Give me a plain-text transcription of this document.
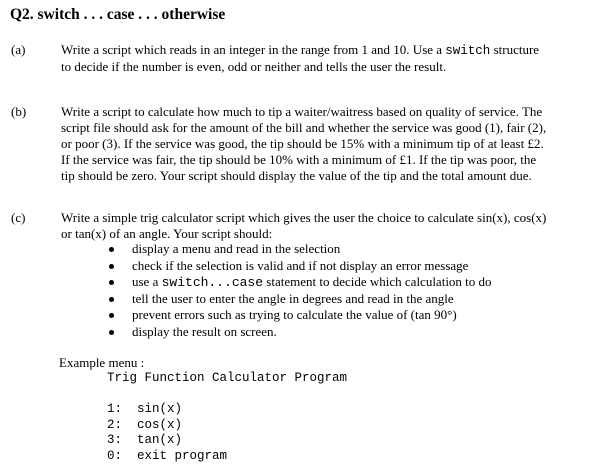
Q2. switch . . . case . . . otherwise
(a)	Write a script which reads in an integer in the range from 1 and 10. Use a switch structure
to decide if the number is even, odd or neither and tells the user the result.
(b)	Write a script to calculate how much to tip a waiter/waitress based on quality of service. The
script file should ask for the amount of the bill and whether the service was good (1), fair (2),
or poor (3). If the service was good, the tip should be 15% with a minimum tip of at least £2.
If the service was fair, the tip should be 10% with a minimum of £1. If the tip was poor, the
tip should be zero. Your script should display the value of the tip and the total amount due.
(c)	Write a simple trig calculator script which gives the user the choice to calculate sin(x), cos(x)
or tan(x) of an angle. Your script should:
display a menu and read in the selection
check if the selection is valid and if not display an error message
use a switch...case statement to decide which calculation to do
tell the user to enter the angle in degrees and read in the angle
prevent errors such as trying to calculate the value of (tan 90°)
display the result on screen.
Example menu :
Trig Function Calculator Program
1: sin(x)
2: cos(x)
3: tan(x)
0: exit program
